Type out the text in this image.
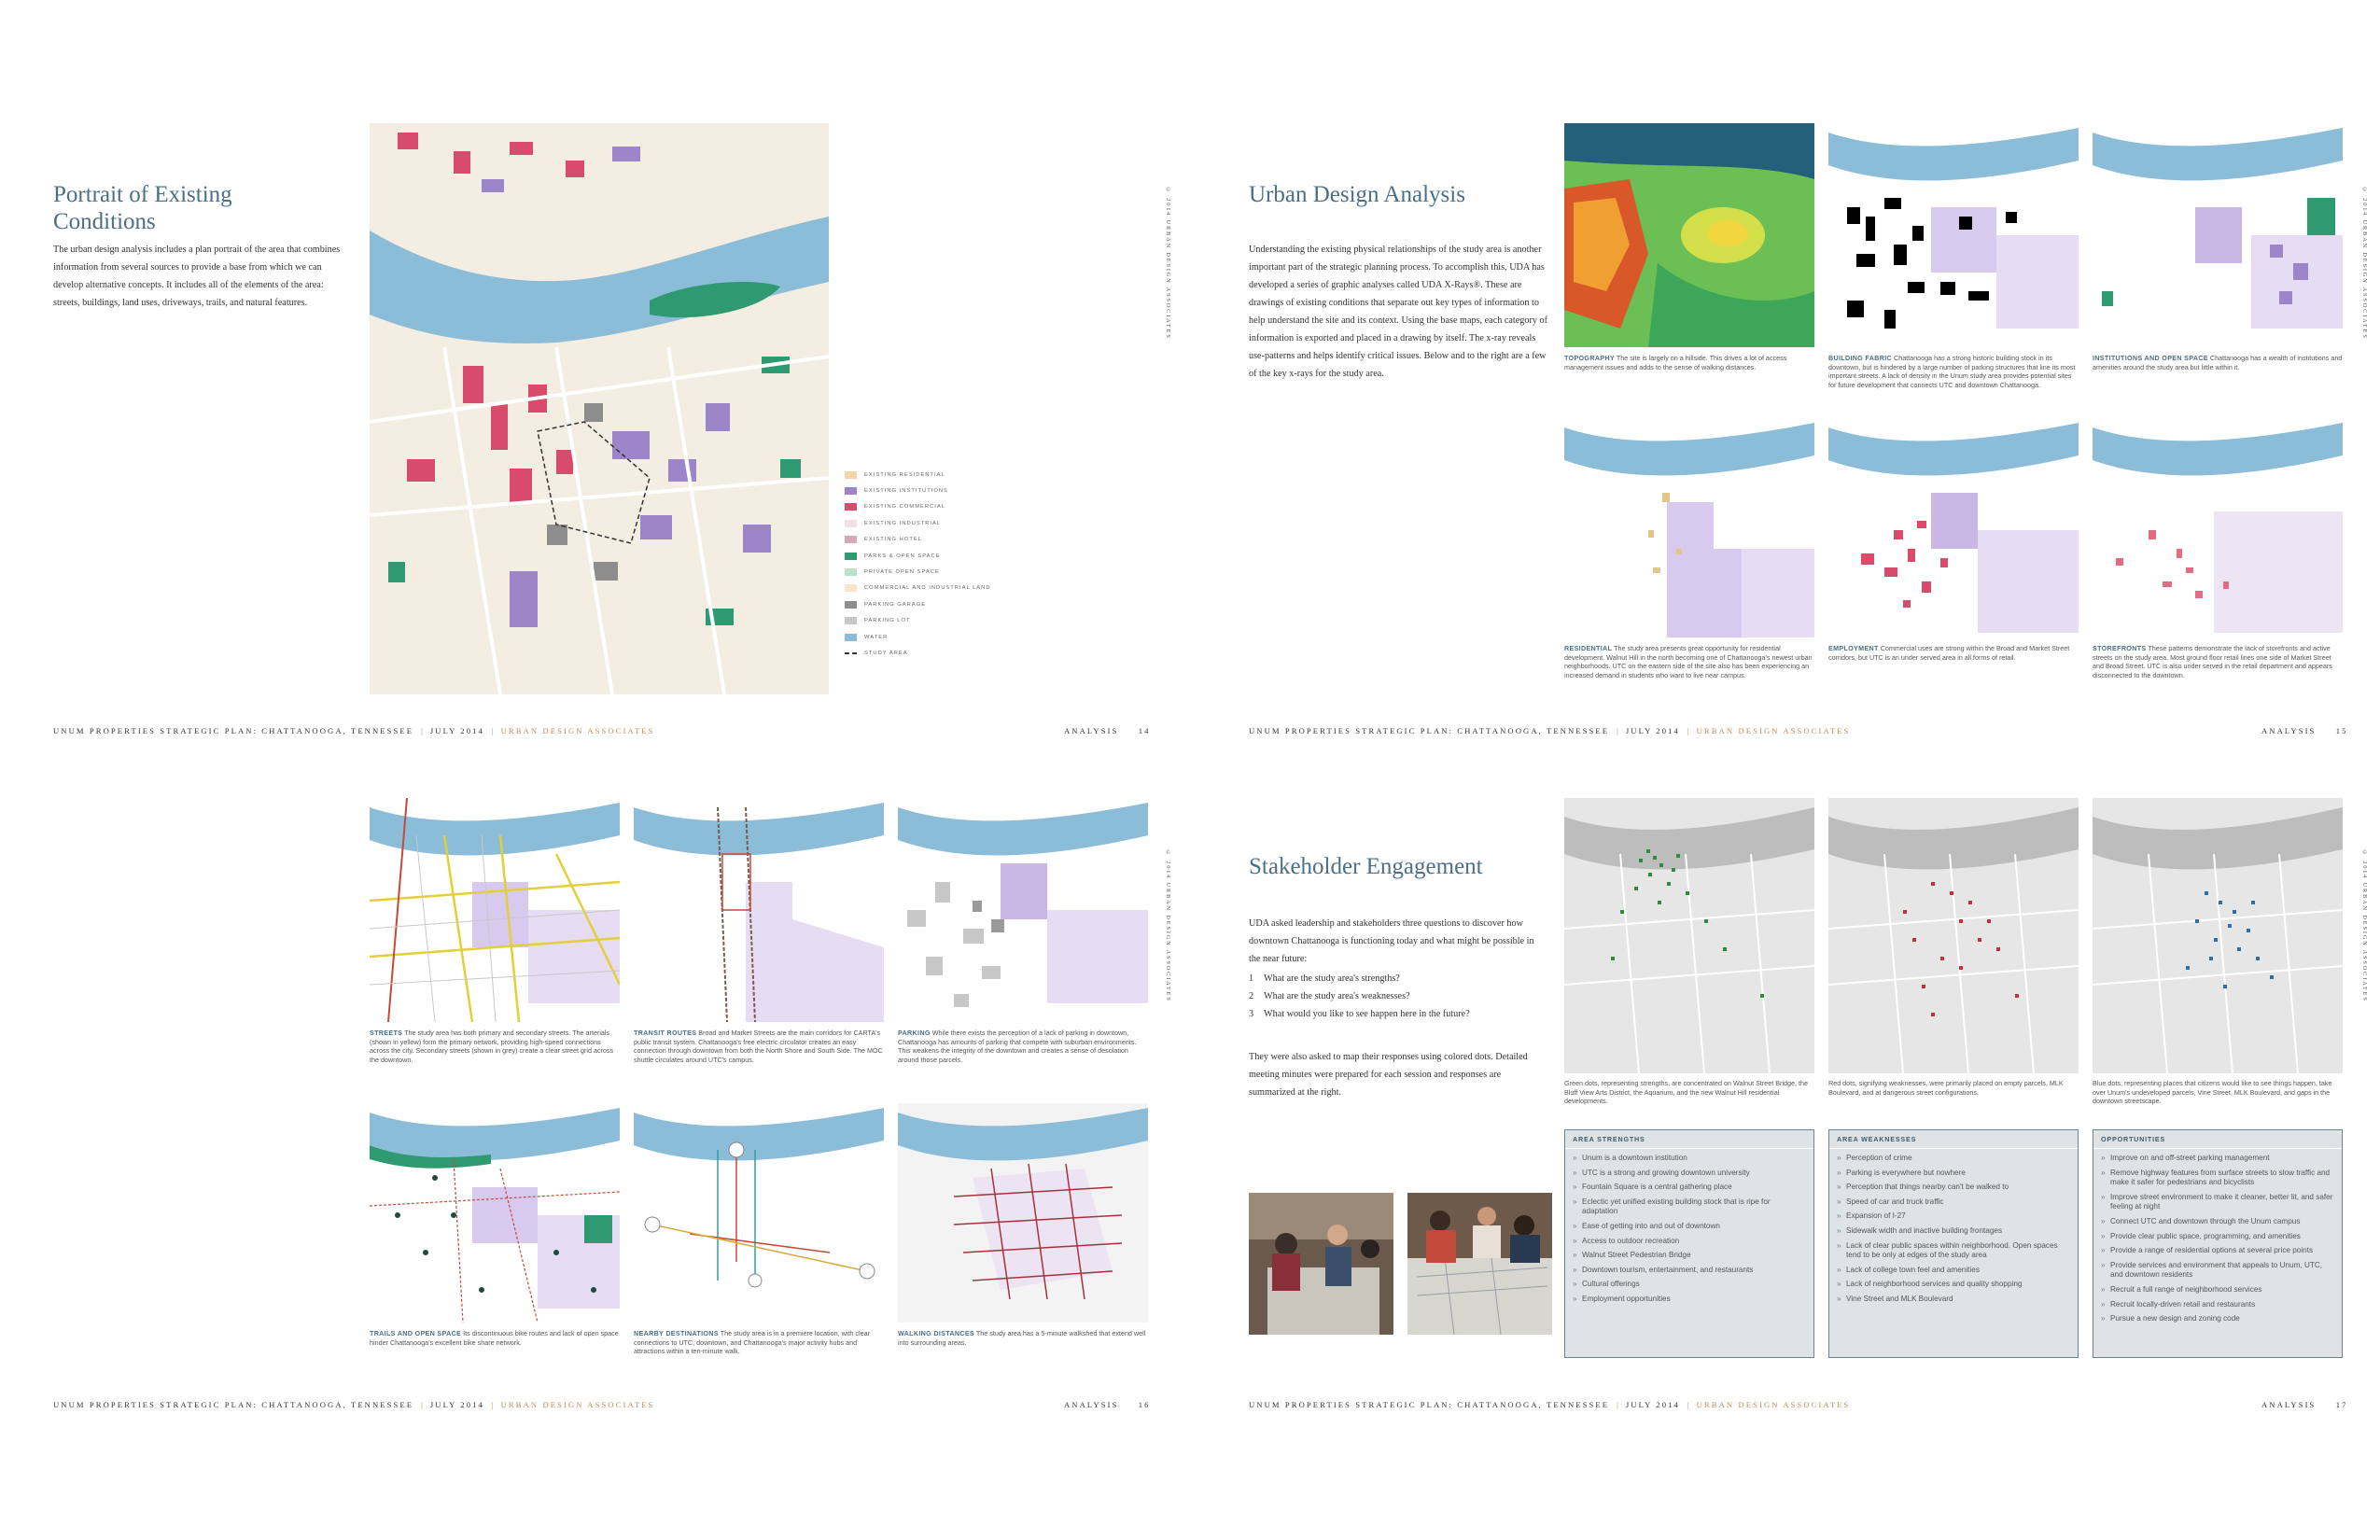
Portrait of Existing Conditions
The urban design analysis includes a plan portrait of the area that combines information from several sources to provide a base from which we can develop alternative concepts. It includes all of the elements of the area: streets, buildings, land uses, driveways, trails, and natural features.
EXISTING RESIDENTIAL
EXISTING INSTITUTIONS
EXISTING COMMERCIAL
EXISTING INDUSTRIAL
EXISTING HOTEL
PARKS & OPEN SPACE
PRIVATE OPEN SPACE
COMMERCIAL AND INDUSTRIAL LAND
PARKING GARAGE
PARKING LOT
WATER
STUDY AREA
© 2014 URBAN DESIGN ASSOCIATES
UNUM PROPERTIES STRATEGIC PLAN: CHATTANOOGA, TENNESSEE | JULY 2014 | URBAN DESIGN ASSOCIATES	ANALYSIS 14
Urban Design Analysis
Understanding the existing physical relationships of the study area is another important part of the strategic planning process. To accomplish this, UDA has developed a series of graphic analyses called UDA X-Rays®. These are drawings of existing conditions that separate out key types of information to help understand the site and its context. Using the base maps, each category of information is exported and placed in a drawing by itself. The x-ray reveals use-patterns and helps identify critical issues. Below and to the right are a few of the key x-rays for the study area.
TOPOGRAPHY The site is largely on a hillside. This drives a lot of access management issues and adds to the sense of walking distances.
BUILDING FABRIC Chattanooga has a strong historic building stock in its downtown, but is hindered by a large number of parking structures that line its most important streets. A lack of density in the Unum study area provides potential sites for future development that connects UTC and downtown Chattanooga.
INSTITUTIONS AND OPEN SPACE Chattanooga has a wealth of institutions and amenities around the study area but little within it.
RESIDENTIAL The study area presents great opportunity for residential development. Walnut Hill in the north becoming one of Chattanooga's newest urban neighborhoods. UTC on the eastern side of the site also has been experiencing an increased demand in students who want to live near campus.
EMPLOYMENT Commercial uses are strong within the Broad and Market Street corridors, but UTC is an under served area in all forms of retail.
STOREFRONTS These patterns demonstrate the lack of storefronts and active streets on the study area. Most ground floor retail lines one side of Market Street and Broad Street. UTC is also under served in the retail department and appears disconnected to the downtown.
© 2014 URBAN DESIGN ASSOCIATES
UNUM PROPERTIES STRATEGIC PLAN: CHATTANOOGA, TENNESSEE | JULY 2014 | URBAN DESIGN ASSOCIATES	ANALYSIS 15
STREETS The study area has both primary and secondary streets. The arterials (shown in yellow) form the primary network, providing high-speed connections across the city. Secondary streets (shown in grey) create a clear street grid across the downtown.
TRANSIT ROUTES Broad and Market Streets are the main corridors for CARTA's public transit system. Chattanooga's free electric circulator creates an easy connection through downtown from both the North Shore and South Side. The MOC shuttle circulates around UTC's campus.
PARKING While there exists the perception of a lack of parking in downtown, Chattanooga has amounts of parking that compete with suburban environments. This weakens the integrity of the downtown and creates a sense of desolation around those parcels.
TRAILS AND OPEN SPACE Its discontinuous bike routes and lack of open space hinder Chattanooga's excellent bike share network.
NEARBY DESTINATIONS The study area is in a premiere location, with clear connections to UTC, downtown, and Chattanooga's major activity hubs and attractions within a ten-minute walk.
WALKING DISTANCES The study area has a 5-minute walkshed that extend well into surrounding areas.
© 2014 URBAN DESIGN ASSOCIATES
UNUM PROPERTIES STRATEGIC PLAN: CHATTANOOGA, TENNESSEE | JULY 2014 | URBAN DESIGN ASSOCIATES	ANALYSIS 16
Stakeholder Engagement
UDA asked leadership and stakeholders three questions to discover how downtown Chattanooga is functioning today and what might be possible in the near future:
1 What are the study area's strengths?
2 What are the study area's weaknesses?
3 What would you like to see happen here in the future?
They were also asked to map their responses using colored dots. Detailed meeting minutes were prepared for each session and responses are summarized at the right.
Green dots, representing strengths, are concentrated on Walnut Street Bridge, the Bluff View Arts District, the Aquarium, and the new Walnut Hill residential developments.
Red dots, signifying weaknesses, were primarily placed on empty parcels, MLK Boulevard, and at dangerous street configurations.
Blue dots, representing places that citizens would like to see things happen, take over Unum's undeveloped parcels, Vine Street, MLK Boulevard, and gaps in the downtown streetscape.
AREA STRENGTHS
» Unum is a downtown institution
» UTC is a strong and growing downtown university
» Fountain Square is a central gathering place
» Eclectic yet unified existing building stock that is ripe for adaptation
» Ease of getting into and out of downtown
» Access to outdoor recreation
» Walnut Street Pedestrian Bridge
» Downtown tourism, entertainment, and restaurants
» Cultural offerings
» Employment opportunities
AREA WEAKNESSES
» Perception of crime
» Parking is everywhere but nowhere
» Perception that things nearby can't be walked to
» Speed of car and truck traffic
» Expansion of I-27
» Sidewalk width and inactive building frontages
» Lack of clear public spaces within neighborhood. Open spaces tend to be only at edges of the study area
» Lack of college town feel and amenities
» Lack of neighborhood services and quality shopping
» Vine Street and MLK Boulevard
OPPORTUNITIES
» Improve on and off-street parking management
» Remove highway features from surface streets to slow traffic and make it safer for pedestrians and bicyclists
» Improve street environment to make it cleaner, better lit, and safer feeling at night
» Connect UTC and downtown through the Unum campus
» Provide clear public space, programming, and amenities
» Provide a range of residential options at several price points
» Provide services and environment that appeals to Unum, UTC, and downtown residents
» Recruit a full range of neighborhood services
» Recruit locally-driven retail and restaurants
» Pursue a new design and zoning code
© 2014 URBAN DESIGN ASSOCIATES
UNUM PROPERTIES STRATEGIC PLAN: CHATTANOOGA, TENNESSEE | JULY 2014 | URBAN DESIGN ASSOCIATES	ANALYSIS 17
